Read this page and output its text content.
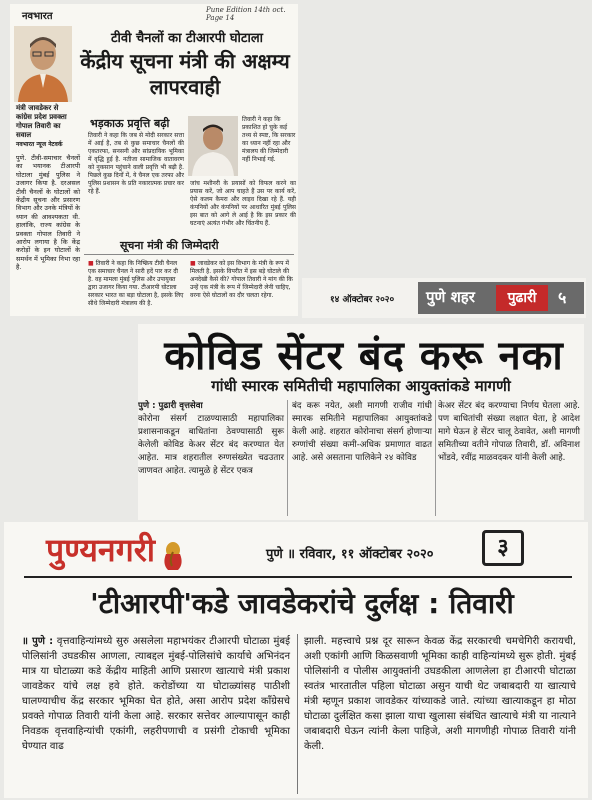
नवभारत
Pune Edition 14th oct. Page 14
टीवी चैनलों का टीआरपी घोटाला
केंद्रीय सूचना मंत्री की अक्षम्य लापरवाही
मंत्री जावडेकर से कांग्रेस प्रदेश प्रवक्ता गोपाल तिवारी का सवाल
नवभारत न्यूज नेटवर्क
पुणे. टीवी-समाचार चैनलों का भयानक टीआरपी घोटाला मुंबई पुलिस ने उजागर किया है. दरअसल टीवी चैनलों के घोटालों को केंद्रीय सूचना और प्रसारण विभाग और उनके मंत्रियों के ध्यान की आवश्यकता थी. हालांकि, राज्य कांग्रेस के प्रवक्ता गोपाल तिवारी ने आरोप लगाया है कि केंद्र करोड़ों के इन घोटालों के समर्थन में भूमिका निभा रहा है.
भड़काऊ प्रवृत्ति बढ़ी
तिवारी ने कहा कि जब से मोदी सरकार सत्ता में आई है, तब से कुछ समाचार चैनलों की एकतरफा, सनसनी और सांप्रदायिक भूमिका में वृद्धि हुई है. नतीजा सामाजिक वातावरण को नुकसान पहुंचाने वाली प्रवृत्ति भी बढ़ी है. पिछले कुछ दिनों में, ये चैनल एक तरफा और पुलिस प्रशासन के प्रति नकारात्मक प्रचार कर रहे हैं.
तिवारी ने कहा कि प्रकाशित हो चुके कई तथ्य से स्पष्ट, कि सरकार का ध्यान नहीं रहा और मंत्रालय की जिम्मेदारी नहीं निभाई गई.
जांच मशीनरी के प्रयासों को विफल करने का प्रयास करें, जो आप चाहते हैं उस पर कार्य करें, ऐसे कलम कैमरा और लाइव दिखा रहे हैं. यही कंपनियों और कंपनियों पर आधारित मुंबई पुलिस इस बात को आगे ले आई है कि इस प्रकार की घटनाएं अत्यंत गंभीर और चिंतनीय हैं.
सूचना मंत्री की जिम्मेदारी
■ तिवारी ने कहा कि निष्क्रिय टीवी चैनल एक समाचार चैनल ने सारी हदें पार कर दी है. वह मामला मुंबई पुलिस और उपायुक्त द्वारा उजागर किया गया. टीआरपी घोटाला सरकार भारत का बड़ा घोटाला है, इसके लिए सीधे जिम्मेदारी मंत्रालय की है.
■ जावडेकर को इस विभाग के मंत्री के रूप में मिलती है. इसके विपरीत में इस बड़े घोटाले की अनदेखी कैसे की? गोपाल तिवारी ने मांग की कि उन्हें एक मंत्री के रूप में जिम्मेदारी लेनी चाहिए, वरना ऐसे घोटालों का दौर चलता रहेगा.	१४ ऑक्टोबर २०२० पुणे शहर	पुढारी	५
कोविड सेंटर बंद करू नका
गांधी स्मारक समितीची महापालिका आयुक्तांकडे मागणी
पुणे : पुढारी वृत्तसेवा
कोरोना संसर्ग टाळण्यासाठी महापालिका प्रशासनाकडून बाधितांना ठेवण्यासाठी सुरू केलेली कोविड केअर सेंटर बंद करण्यात येत आहेत. मात्र शहरातील रुग्णसंख्येत चढउतार जाणवत आहेत. त्यामुळे हे सेंटर एकत्र
बंद करू नयेत, अशी मागणी राजीव गांधी स्मारक समितीने महापालिका आयुक्तांकडे केली आहे. शहरात कोरोनाचा संसर्ग होणाऱ्या रुग्णांची संख्या कमी-अधिक प्रमाणात वाढत आहे. असे असताना पालिकेने २४ कोविड
केअर सेंटर बंद करण्याचा निर्णय घेतला आहे. पण बाधितांची संख्या लक्षात घेता, हे आदेश मागे घेऊन हे सेंटर चालू ठेवावेत, अशी मागणी समितीच्या वतीने गोपाळ तिवारी, डॉ. अविनाश भोंडवे, रवींद्र माळवदकर यांनी केली आहे.
पुण्यनगरी	पुणे ॥ रविवार, ११ ऑक्टोबर २०२०	३
'टीआरपी'कडे जावडेकरांचे दुर्लक्ष : तिवारी
॥ पुणे : वृत्तवाहिन्यांमध्ये सुरु असलेला महाभयंकर टीआरपी घोटाळा मुंबई पोलिसांनी उघडकीस आणला, त्याबद्दल मुंबई-पोलिसांचे कार्याचे अभिनंदन मात्र या घोटाळ्या कडे केंद्रीय माहिती आणि प्रसारण खात्याचे मंत्री प्रकाश जावडेकर यांचे लक्ष हवे होते. करोडोंच्या या घोटाळ्यांसह पाठीशी घालण्याचीच केंद्र सरकार भूमिका घेत होते, असा आरोप प्रदेश काँग्रेसचे प्रवक्ते गोपाळ तिवारी यांनी केला आहे. सरकार सत्तेवर आल्यापासून काही निवडक वृत्तवाहिन्यांची एकांगी, लहरीपणाची व प्रसंगी टोकाची भूमिका घेण्यात वाढ
झाली. महत्त्वाचे प्रश्न दूर सारून केवळ केंद्र सरकारची चमचेगिरी करायची, अशी एकांगी आणि किळसवाणी भूमिका काही वाहिन्यांमध्ये सुरू होती. मुंबई पोलिसांनी व पोलीस आयुक्तांनी उघडकीला आणलेला हा टीआरपी घोटाळा स्वतंत्र भारतातील पहिला घोटाळा असुन याची थेट जबाबदारी या खात्याचे मंत्री म्हणून प्रकाश जावडेकर यांच्याकडे जाते. त्यांच्या खात्याकडून हा मोठा घोटाळा दुर्लक्षित कसा झाला याचा खुलासा संबंधित खात्याचे मंत्री या नात्याने जबाबदारी घेऊन त्यांनी केला पाहिजे, अशी मागणीही गोपाळ तिवारी यांनी केली.
